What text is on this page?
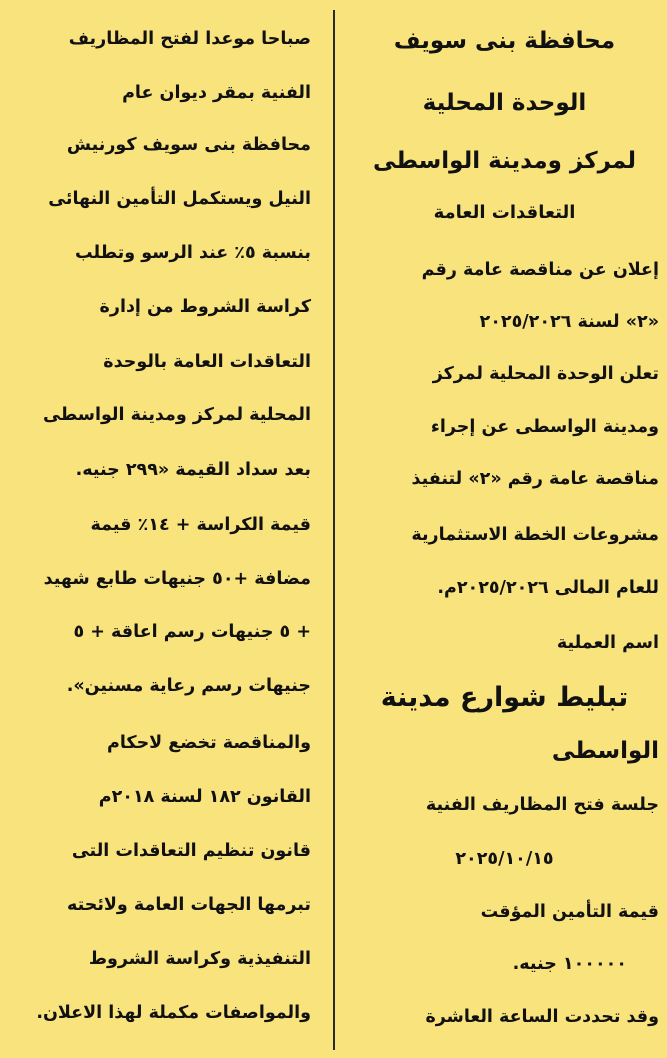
محافظة بنى سويف
الوحدة المحلية
لمركز ومدينة الواسطى
التعاقدات العامة
إعلان عن مناقصة عامة رقم
«٢» لسنة ٢٠٢٥/٢٠٢٦
تعلن الوحدة المحلية لمركز
ومدينة الواسطى عن إجراء
مناقصة عامة رقم «٢» لتنفيذ
مشروعات الخطة الاستثمارية
للعام المالى ٢٠٢٥/٢٠٢٦م.
اسم العملية
تبليط شوارع مدينة
الواسطى
جلسة فتح المظاريف الفنية
٢٠٢٥/١٠/١٥
قيمة التأمين المؤقت
١٠٠٠٠٠ جنيه.
وقد تحددت الساعة العاشرة
صباحا موعدا لفتح المظاريف
الفنية بمقر ديوان عام
محافظة بنى سويف كورنيش
النيل ويستكمل التأمين النهائى
بنسبة ٥٪ عند الرسو وتطلب
كراسة الشروط من إدارة
التعاقدات العامة بالوحدة
المحلية لمركز ومدينة الواسطى
بعد سداد القيمة «٢٩٩ جنيه.
قيمة الكراسة + ١٤٪ قيمة
مضافة +٥٠ جنيهات طابع شهيد
+ ٥ جنيهات رسم اعاقة + ٥
جنيهات رسم رعاية مسنين».
والمناقصة تخضع لاحكام
القانون ١٨٢ لسنة ٢٠١٨م
قانون تنظيم التعاقدات التى
تبرمها الجهات العامة ولائحته
التنفيذية وكراسة الشروط
والمواصفات مكملة لهذا الاعلان.
